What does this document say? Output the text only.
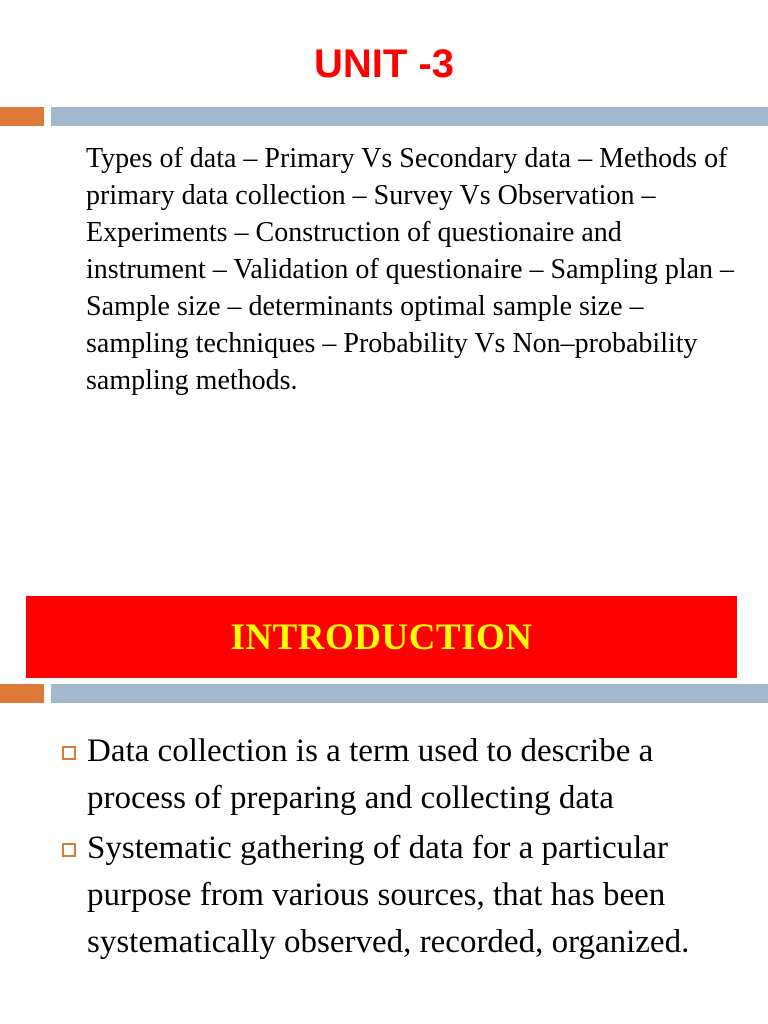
UNIT -3

Types of data – Primary Vs Secondary data – Methods of primary data collection – Survey Vs Observation – Experiments – Construction of questionaire and instrument – Validation of questionaire – Sampling plan – Sample size – determinants optimal sample size – sampling techniques – Probability Vs Non–probability sampling methods.

INTRODUCTION
Data collection is a term used to describe a process of preparing and collecting data
Systematic gathering of data for a particular purpose from various sources, that has been systematically observed, recorded, organized.
